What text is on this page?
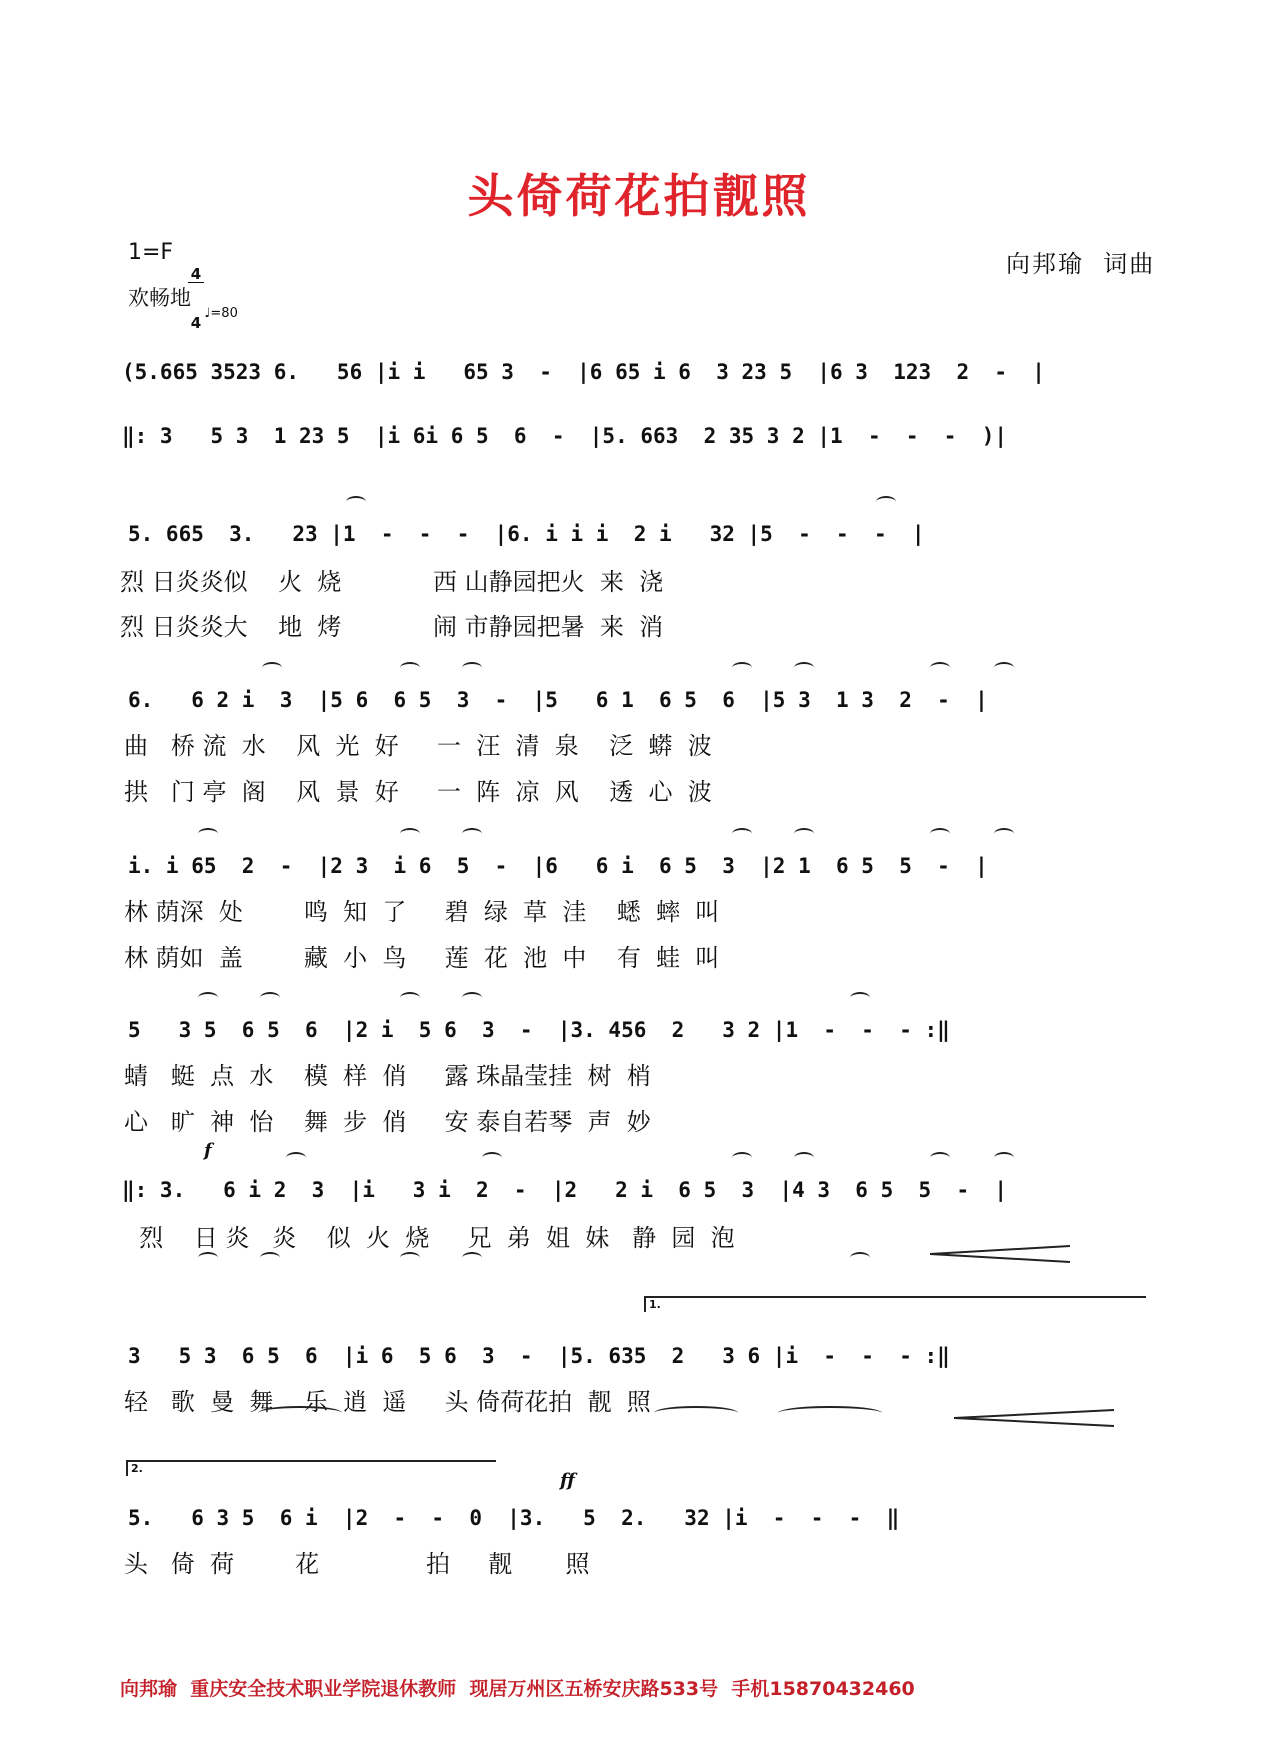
头倚荷花拍靓照
1=F

4

4

欢畅地

♩=80

向邦瑜  词曲
(5.665 3523 6.   56 |i i   65 3  -  |6 65 i 6  3 23 5  |6 3  123  2  -  |
‖: 3   5 3  1 23 5  |i 6i 6 5  6  -  |5. 663  2 35 3 2 |1  -  -  -  )|
5. 665  3.   23 |1  -  -  -  |6. i i i  2 i   32 |5  -  -  -  |
烈 日炎炎似    火  烧            西 山静园把火  来  浇
烈 日炎炎大    地  烤            闹 市静园把暑  来  消
6.   6 2 i  3  |5 6  6 5  3  -  |5   6 1  6 5  6  |5 3  1 3  2  -  |
曲   桥 流  水    风  光  好     一  汪  清  泉    泛  蟒  波
拱   门 亭  阁    风  景  好     一  阵  凉  风    透  心  波
i. i 65  2  -  |2 3  i 6  5  -  |6   6 i  6 5  3  |2 1  6 5  5  -  |
林 荫深  处        鸣  知  了     碧  绿  草  洼    蟋  蟀  叫
林 荫如  盖        藏  小  鸟     莲  花  池  中    有  蛙  叫
5   3 5  6 5  6  |2 i  5 6  3  -  |3. 456  2   3 2 |1  -  -  - :‖
蜻   蜓  点  水    模  样  俏     露 珠晶莹挂  树  梢
心   旷  神  怡    舞  步  俏     安 泰自若琴  声  妙
f
‖: 3.   6 i 2  3  |i   3 i  2  -  |2   2 i  6 5  3  |4 3  6 5  5  -  |
烈    日 炎   炎    似  火  烧     兄  弟  姐  妹   静  园  泡
1.
3   5 3  6 5  6  |i 6  5 6  3  -  |5. 635  2   3 6 |i  -  -  - :‖
轻   歌  曼  舞    乐  逍  遥     头 倚荷花拍  靓  照
2.
ff
5.   6 3 5  6 i  |2  -  -  0  |3.   5  2.   32 |i  -  -  -  ‖
头   倚  荷        花              拍     靓       照
向邦瑜  重庆安全技术职业学院退休教师  现居万州区五桥安庆路533号  手机15870432460
